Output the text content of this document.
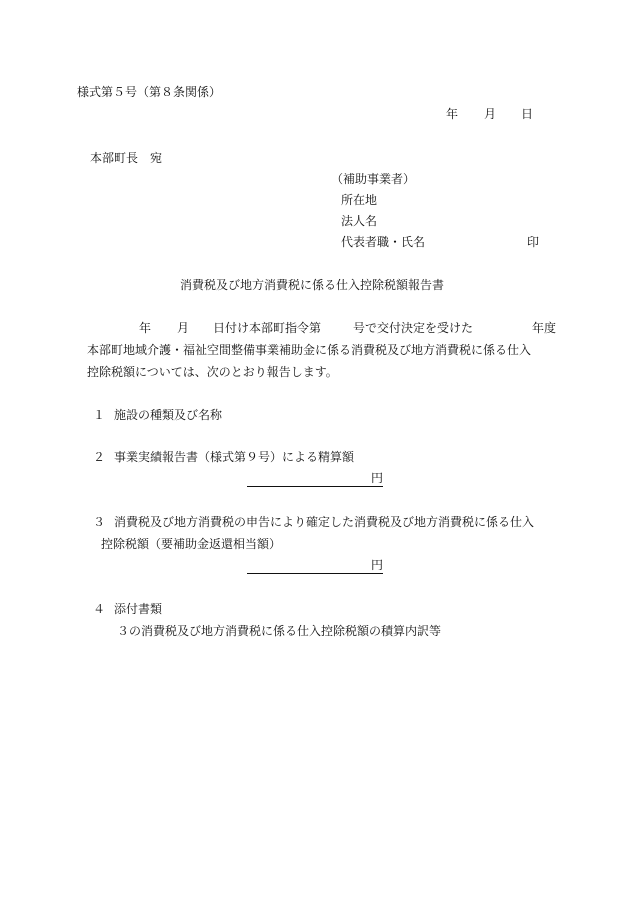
様式第５号（第８条関係）
年 月 日
本部町長　宛
（補助事業者）
所在地
法人名
代表者職・氏名	印
消費税及び地方消費税に係る仕入控除税額報告書
年 月 日付け本部町指令第	号で交付決定を受けた	年度
本部町地域介護・福祉空間整備事業補助金に係る消費税及び地方消費税に係る仕入
控除税額については、次のとおり報告します。
１ 施設の種類及び名称
２ 事業実績報告書（様式第９号）による精算額
円
３ 消費税及び地方消費税の申告により確定した消費税及び地方消費税に係る仕入
控除税額（要補助金返還相当額）
円
４ 添付書類
３の消費税及び地方消費税に係る仕入控除税額の積算内訳等
